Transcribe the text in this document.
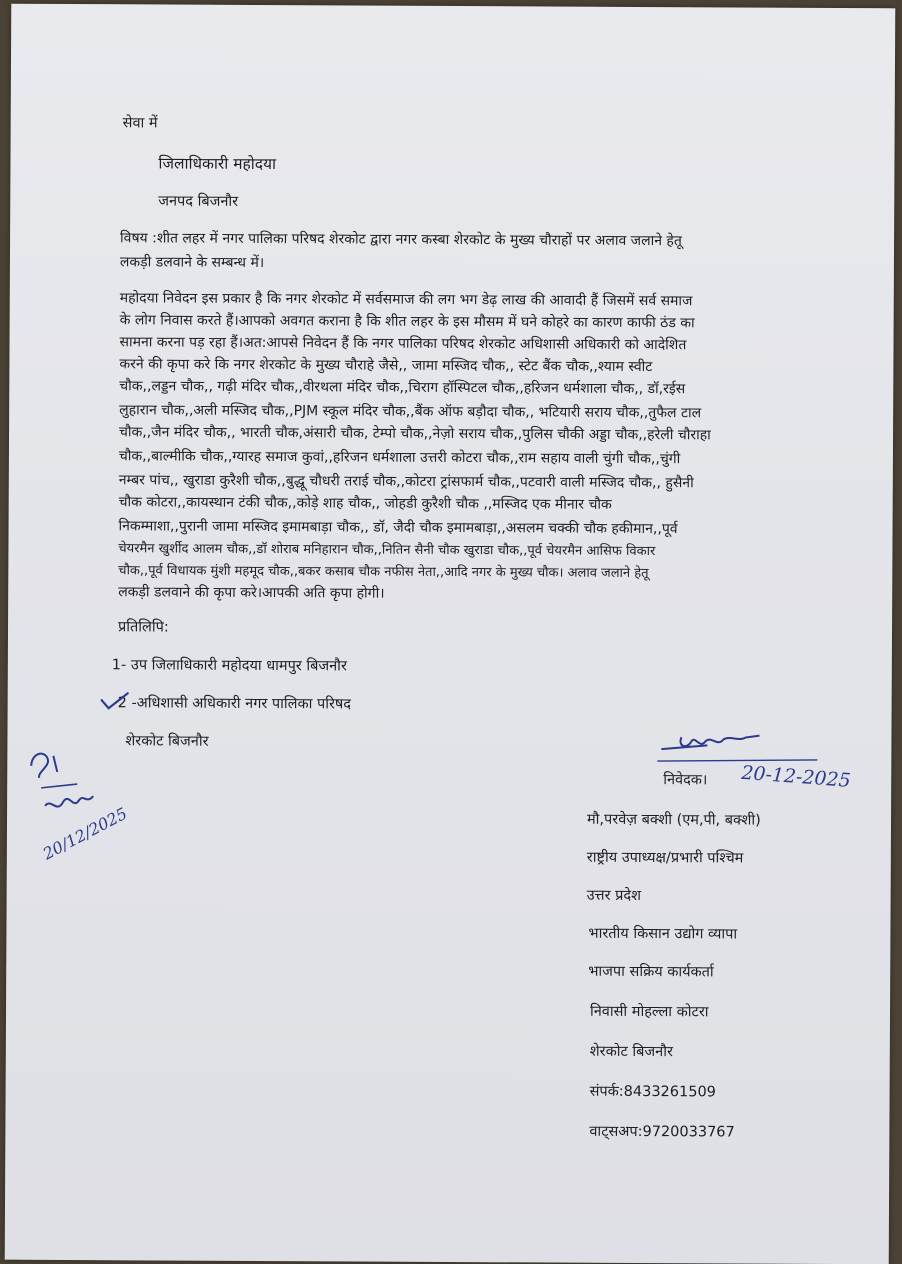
सेवा में
जिलाधिकारी महोदया
जनपद बिजनौर
विषय :शीत लहर में नगर पालिका परिषद शेरकोट द्वारा नगर कस्बा शेरकोट के मुख्य चौराहों पर अलाव जलाने हेतू
लकड़ी डलवाने के सम्बन्ध में।
महोदया निवेदन इस प्रकार है कि नगर शेरकोट में सर्वसमाज की लग भग डेढ़ लाख की आवादी हैं जिसमें सर्व समाज
के लोग निवास करते हैं।आपको अवगत कराना है कि शीत लहर के इस मौसम में घने कोहरे का कारण काफी ठंड का
सामना करना पड़ रहा हैं।अत:आपसे निवेदन हैं कि नगर पालिका परिषद शेरकोट अधिशासी अधिकारी को आदेशित
करने की कृपा करे कि नगर शेरकोट के मुख्य चौराहे जैसे,, जामा मस्जिद चौक,, स्टेट बैंक चौक,,श्याम स्वीट
चौक,,लड्डन चौक,, गढ़ी मंदिर चौक,,वीरथला मंदिर चौक,,चिराग हॉस्पिटल चौक,,हरिजन धर्मशाला चौक,, डॉ,रईस
लुहारान चौक,,अली मस्जिद चौक,,PJM स्कूल मंदिर चौक,,बैंक ऑफ बड़ौदा चौक,, भटियारी सराय चौक,,तुफैल टाल
चौक,,जैन मंदिर चौक,, भारती चौक,अंसारी चौक, टेम्पो चौक,,नेज़ो सराय चौक,,पुलिस चौकी अड्डा चौक,,हरेली चौराहा
चौक,,बाल्मीकि चौक,,ग्यारह समाज कुवां,,हरिजन धर्मशाला उत्तरी कोटरा चौक,,राम सहाय वाली चुंगी चौक,,चुंगी
नम्बर पांच,, खुराडा कुरैशी चौक,,बुद्धू चौधरी तराई चौक,,कोटरा ट्रांसफार्म चौक,,पटवारी वाली मस्जिद चौक,, हुसैनी
चौक कोटरा,,कायस्थान टंकी चौक,,कोड़े शाह चौक,, जोहडी कुरैशी चौक ,,मस्जिद एक मीनार चौक
निकम्माशा,,पुरानी जामा मस्जिद इमामबाड़ा चौक,, डॉ, जैदी चौक इमामबाड़ा,,असलम चक्की चौक हकीमान,,पूर्व
चेयरमैन खुर्शीद आलम चौक,,डॉ शोराब मनिहारान चौक,,नितिन सैनी चौक खुराडा चौक,,पूर्व चेयरमैन आसिफ विकार
चौक,,पूर्व विधायक मुंशी महमूद चौक,,बकर कसाब चौक नफीस नेता,,आदि नगर के मुख्य चौक। अलाव जलाने हेतू
लकड़ी डलवाने की कृपा करे।आपकी अति कृपा होगी।
प्रतिलिपि:
1- उप जिलाधिकारी महोदया धामपुर बिजनौर
2 -अधिशासी अधिकारी नगर पालिका परिषद
शेरकोट बिजनौर
20/12/2025
निवेदक। 20-12-2025
मौ,परवेज़ बक्शी (एम,पी, बक्शी)
राष्ट्रीय उपाध्यक्ष/प्रभारी पश्चिम
उत्तर प्रदेश
भारतीय किसान उद्योग व्यापा
भाजपा सक्रिय कार्यकर्ता
निवासी मोहल्ला कोटरा
शेरकोट बिजनौर
संपर्क:8433261509
वाट्सअप:9720033767
